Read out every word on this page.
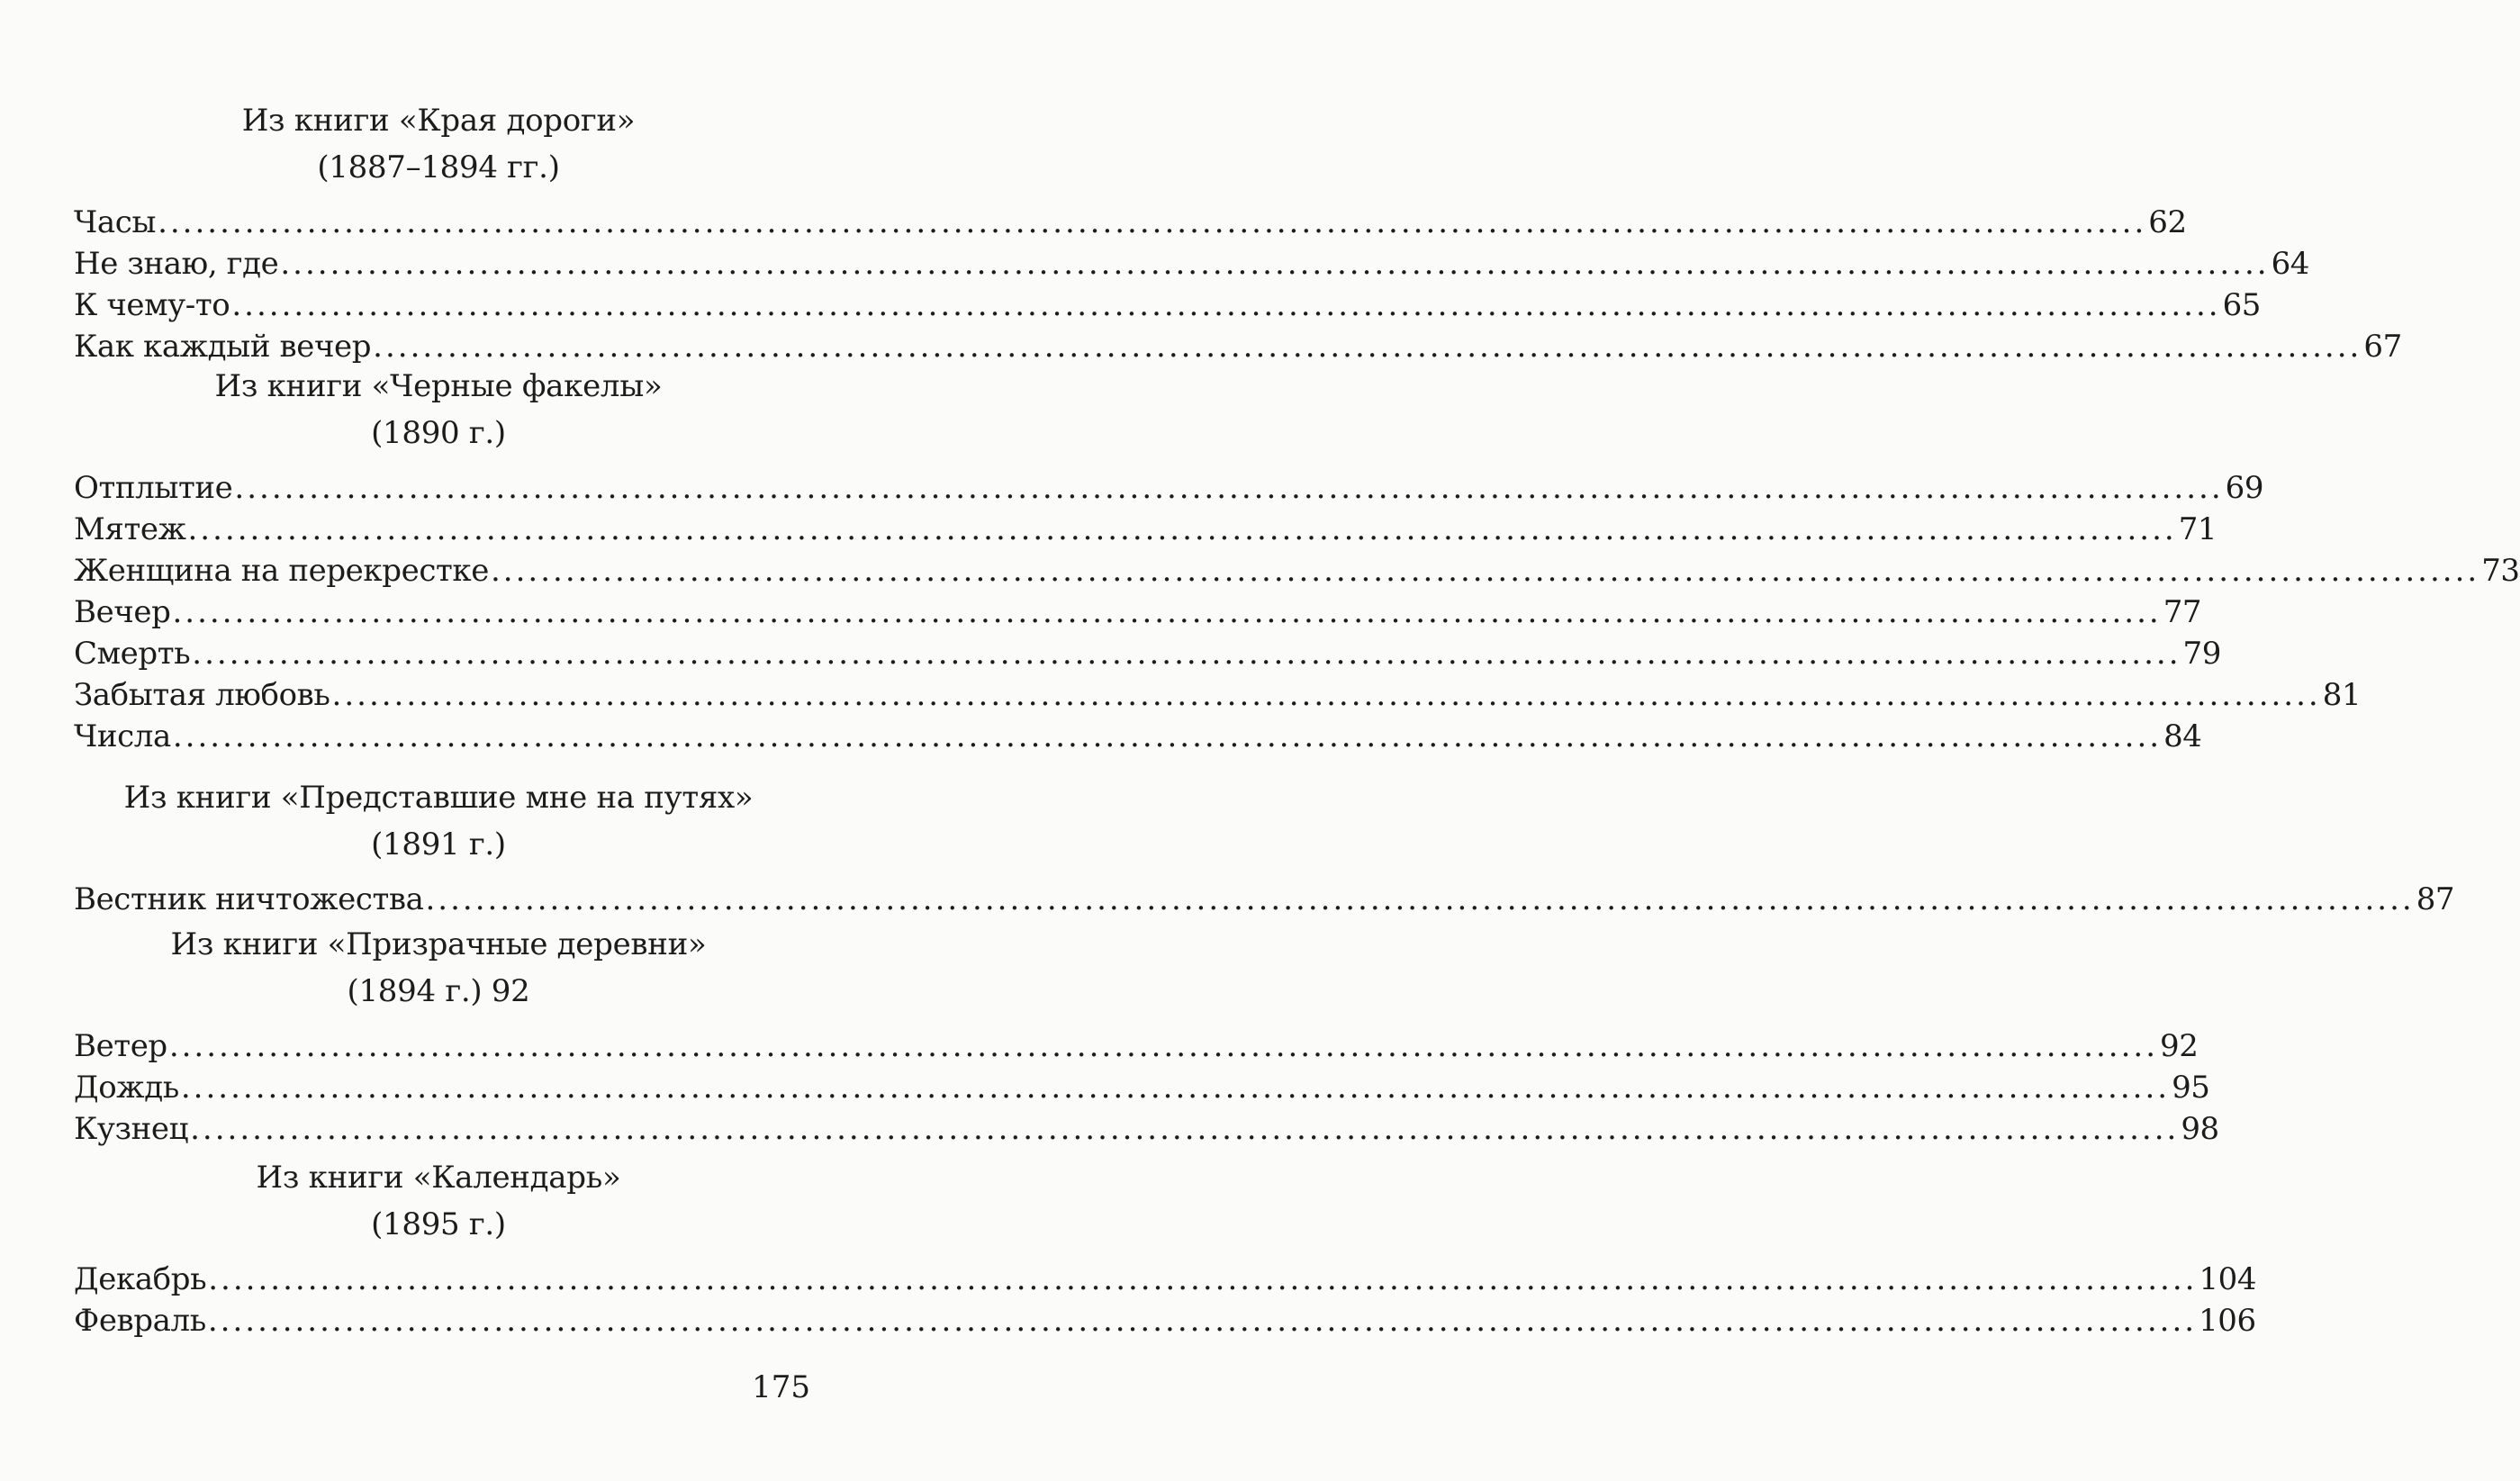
Из книги «Края дороги»
(1887–1894 гг.)
Часы ................................................................................................................................................................ 62
Не знаю, где ................................................................................................................................................................ 64
К чему-то ................................................................................................................................................................ 65
Как каждый вечер ................................................................................................................................................................ 67
Из книги «Черные факелы»
(1890 г.)
Отплытие ................................................................................................................................................................ 69
Мятеж ................................................................................................................................................................ 71
Женщина на перекрестке ................................................................................................................................................................ 73
Вечер ................................................................................................................................................................ 77
Смерть ................................................................................................................................................................ 79
Забытая любовь ................................................................................................................................................................ 81
Числа ................................................................................................................................................................ 84
Из книги «Представшие мне на путях»
(1891 г.)
Вестник ничтожества ................................................................................................................................................................ 87
Из книги «Призрачные деревни»
(1894 г.) 92
Ветер ................................................................................................................................................................ 92
Дождь ................................................................................................................................................................ 95
Кузнец ................................................................................................................................................................ 98
Из книги «Календарь»
(1895 г.)
Декабрь ................................................................................................................................................................ 104
Февраль ................................................................................................................................................................ 106
175
